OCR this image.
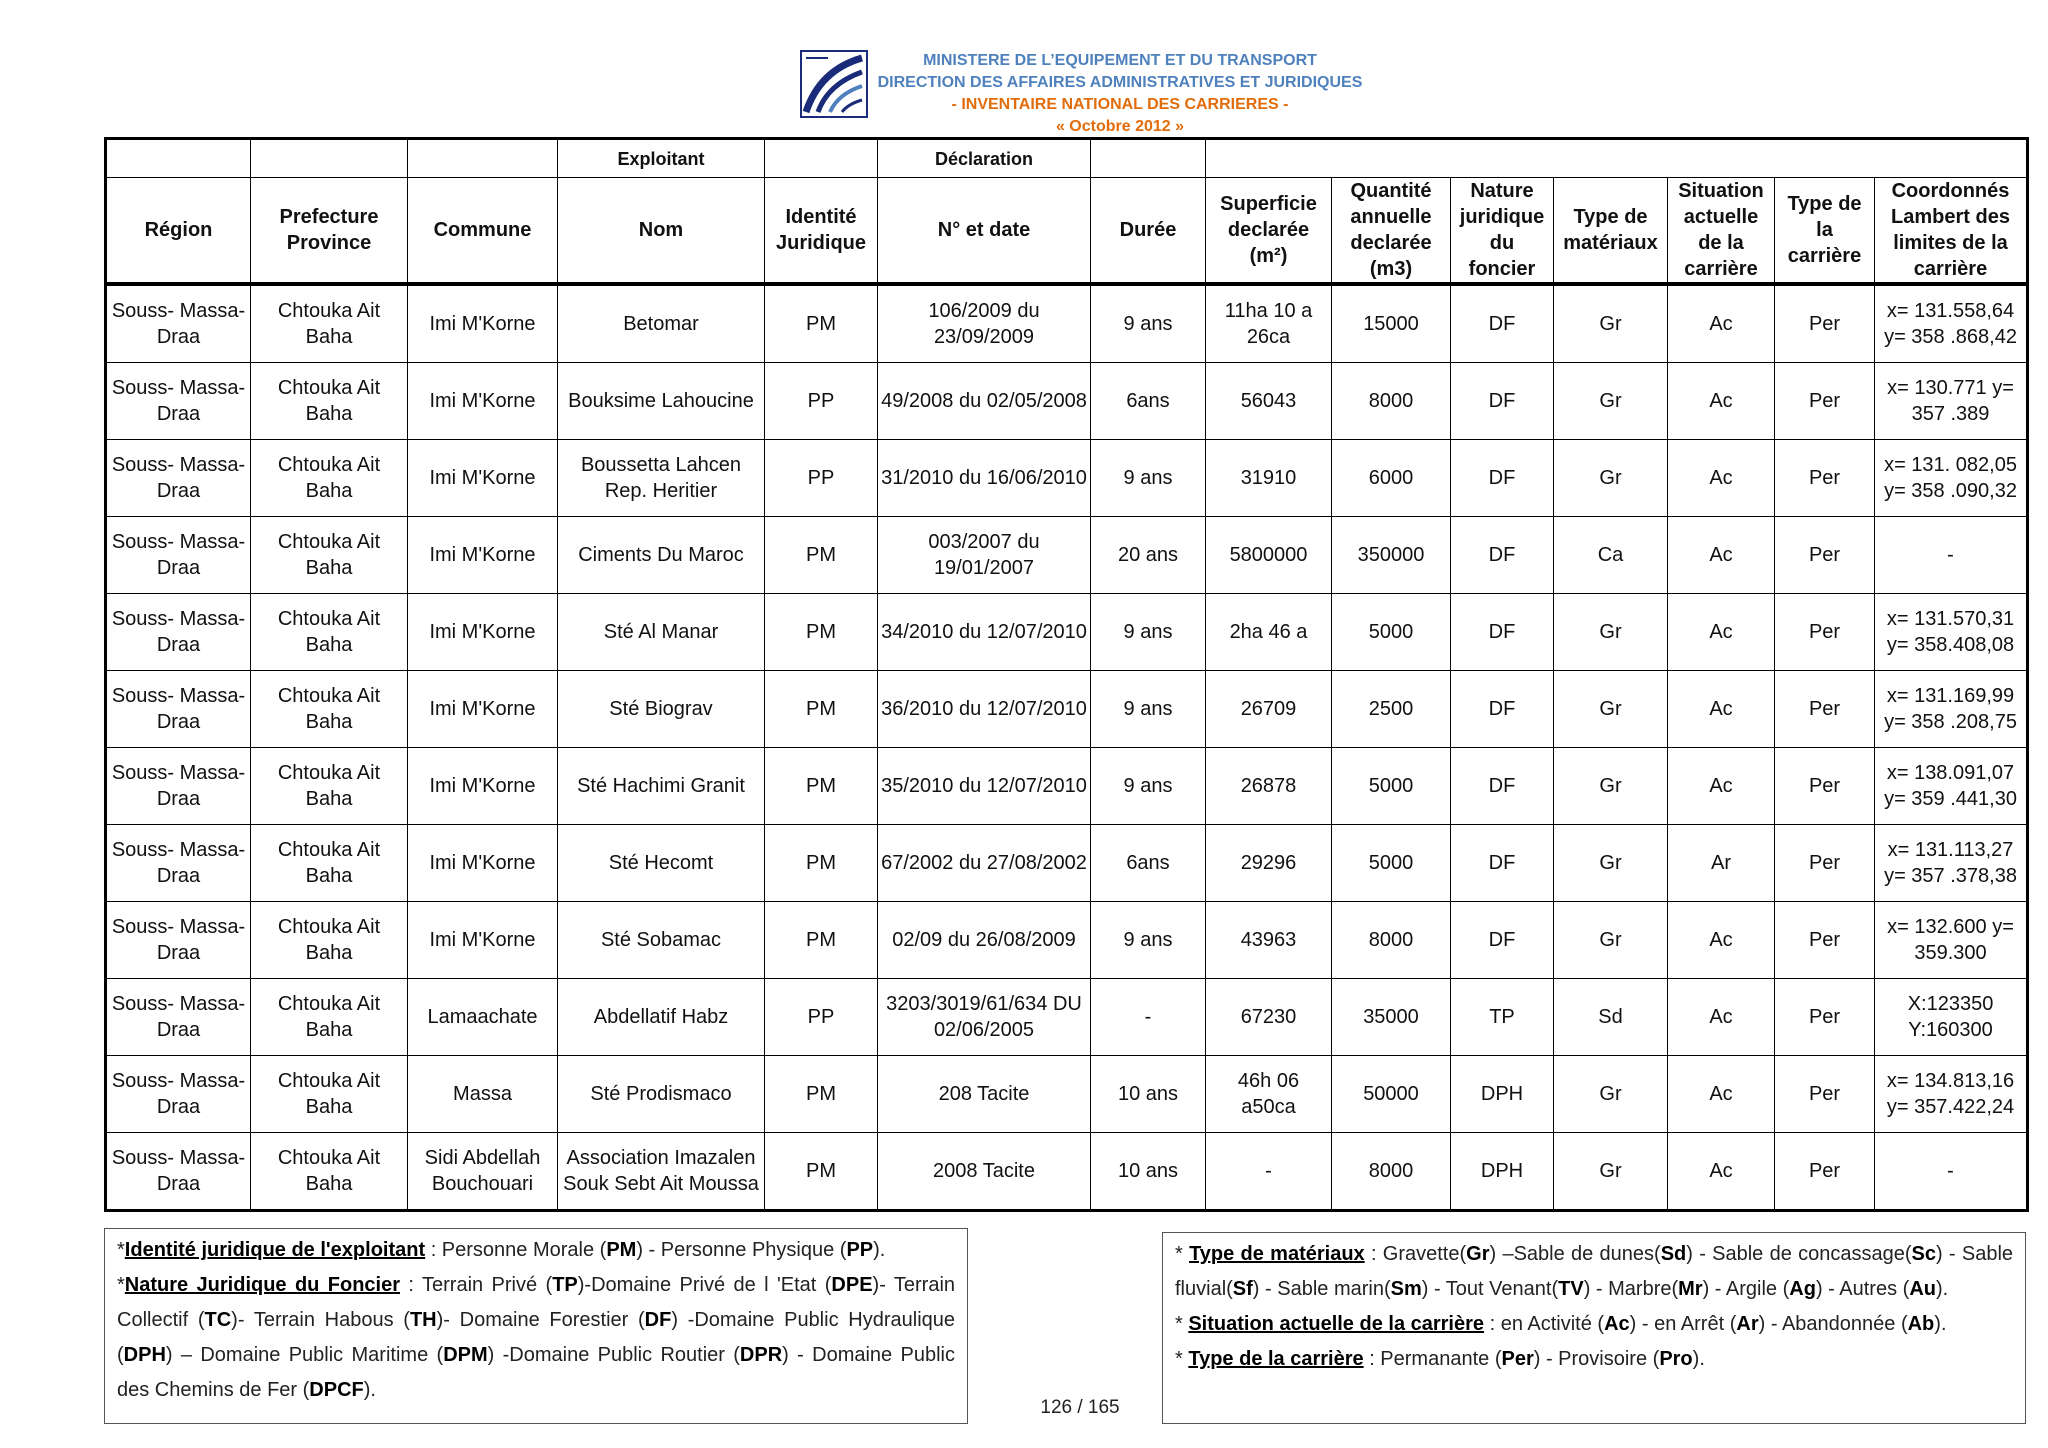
MINISTERE DE L’EQUIPEMENT ET DU TRANSPORT
DIRECTION DES AFFAIRES ADMINISTRATIVES ET JURIDIQUES
- INVENTAIRE NATIONAL DES CARRIERES -
« Octobre 2012 »
			Exploitant		Déclaration								
Région	Prefecture Province	Commune	Nom	Identité Juridique	N° et date	Durée	Superficie declarée (m²)	Quantité annuelle declarée (m3)	Nature juridique du foncier	Type de matériaux	Situation actuelle de la carrière	Type de la carrière	Coordonnés Lambert des limites de la carrière
Souss- Massa-Draa	Chtouka Ait Baha	Imi M'Korne	Betomar	PM	106/2009 du 23/09/2009	9 ans	11ha 10 a 26ca	15000	DF	Gr	Ac	Per	x= 131.558,64 y= 358 .868,42
Souss- Massa-Draa	Chtouka Ait Baha	Imi M'Korne	Bouksime Lahoucine	PP	49/2008 du 02/05/2008	6ans	56043	8000	DF	Gr	Ac	Per	x= 130.771 y= 357 .389
Souss- Massa-Draa	Chtouka Ait Baha	Imi M'Korne	Boussetta Lahcen Rep. Heritier	PP	31/2010 du 16/06/2010	9 ans	31910	6000	DF	Gr	Ac	Per	x= 131. 082,05 y= 358 .090,32
Souss- Massa-Draa	Chtouka Ait Baha	Imi M'Korne	Ciments Du Maroc	PM	003/2007 du 19/01/2007	20 ans	5800000	350000	DF	Ca	Ac	Per	-
Souss- Massa-Draa	Chtouka Ait Baha	Imi M'Korne	Sté Al Manar	PM	34/2010 du 12/07/2010	9 ans	2ha 46 a	5000	DF	Gr	Ac	Per	x= 131.570,31 y= 358.408,08
Souss- Massa-Draa	Chtouka Ait Baha	Imi M'Korne	Sté Biograv	PM	36/2010 du 12/07/2010	9 ans	26709	2500	DF	Gr	Ac	Per	x= 131.169,99 y= 358 .208,75
Souss- Massa-Draa	Chtouka Ait Baha	Imi M'Korne	Sté Hachimi Granit	PM	35/2010 du 12/07/2010	9 ans	26878	5000	DF	Gr	Ac	Per	x= 138.091,07 y= 359 .441,30
Souss- Massa-Draa	Chtouka Ait Baha	Imi M'Korne	Sté Hecomt	PM	67/2002 du 27/08/2002	6ans	29296	5000	DF	Gr	Ar	Per	x= 131.113,27 y= 357 .378,38
Souss- Massa-Draa	Chtouka Ait Baha	Imi M'Korne	Sté Sobamac	PM	02/09 du 26/08/2009	9 ans	43963	8000	DF	Gr	Ac	Per	x= 132.600 y= 359.300
Souss- Massa-Draa	Chtouka Ait Baha	Lamaachate	Abdellatif Habz	PP	3203/3019/61/634 DU 02/06/2005	-	67230	35000	TP	Sd	Ac	Per	X:123350 Y:160300
Souss- Massa-Draa	Chtouka Ait Baha	Massa	Sté Prodismaco	PM	208 Tacite	10 ans	46h 06 a50ca	50000	DPH	Gr	Ac	Per	x= 134.813,16 y= 357.422,24
Souss- Massa-Draa	Chtouka Ait Baha	Sidi Abdellah Bouchouari	Association Imazalen Souk Sebt Ait Moussa	PM	2008 Tacite	10 ans	-	8000	DPH	Gr	Ac	Per	-
*Identité juridique de l'exploitant : Personne Morale (PM) - Personne Physique (PP).
*Nature Juridique du Foncier : Terrain Privé (TP)-Domaine Privé de l 'Etat (DPE)- Terrain Collectif (TC)- Terrain Habous (TH)- Domaine Forestier (DF) -Domaine Public Hydraulique (DPH) – Domaine Public Maritime (DPM) -Domaine Public Routier (DPR) - Domaine Public des Chemins de Fer (DPCF).
* Type de matériaux : Gravette(Gr) –Sable de dunes(Sd) - Sable de concassage(Sc) - Sable fluvial(Sf) - Sable marin(Sm) - Tout Venant(TV) - Marbre(Mr) - Argile (Ag) - Autres (Au).
* Situation actuelle de la carrière : en Activité (Ac) - en Arrêt (Ar) - Abandonnée (Ab).
* Type de la carrière : Permanante (Per) - Provisoire (Pro).
126 / 165
